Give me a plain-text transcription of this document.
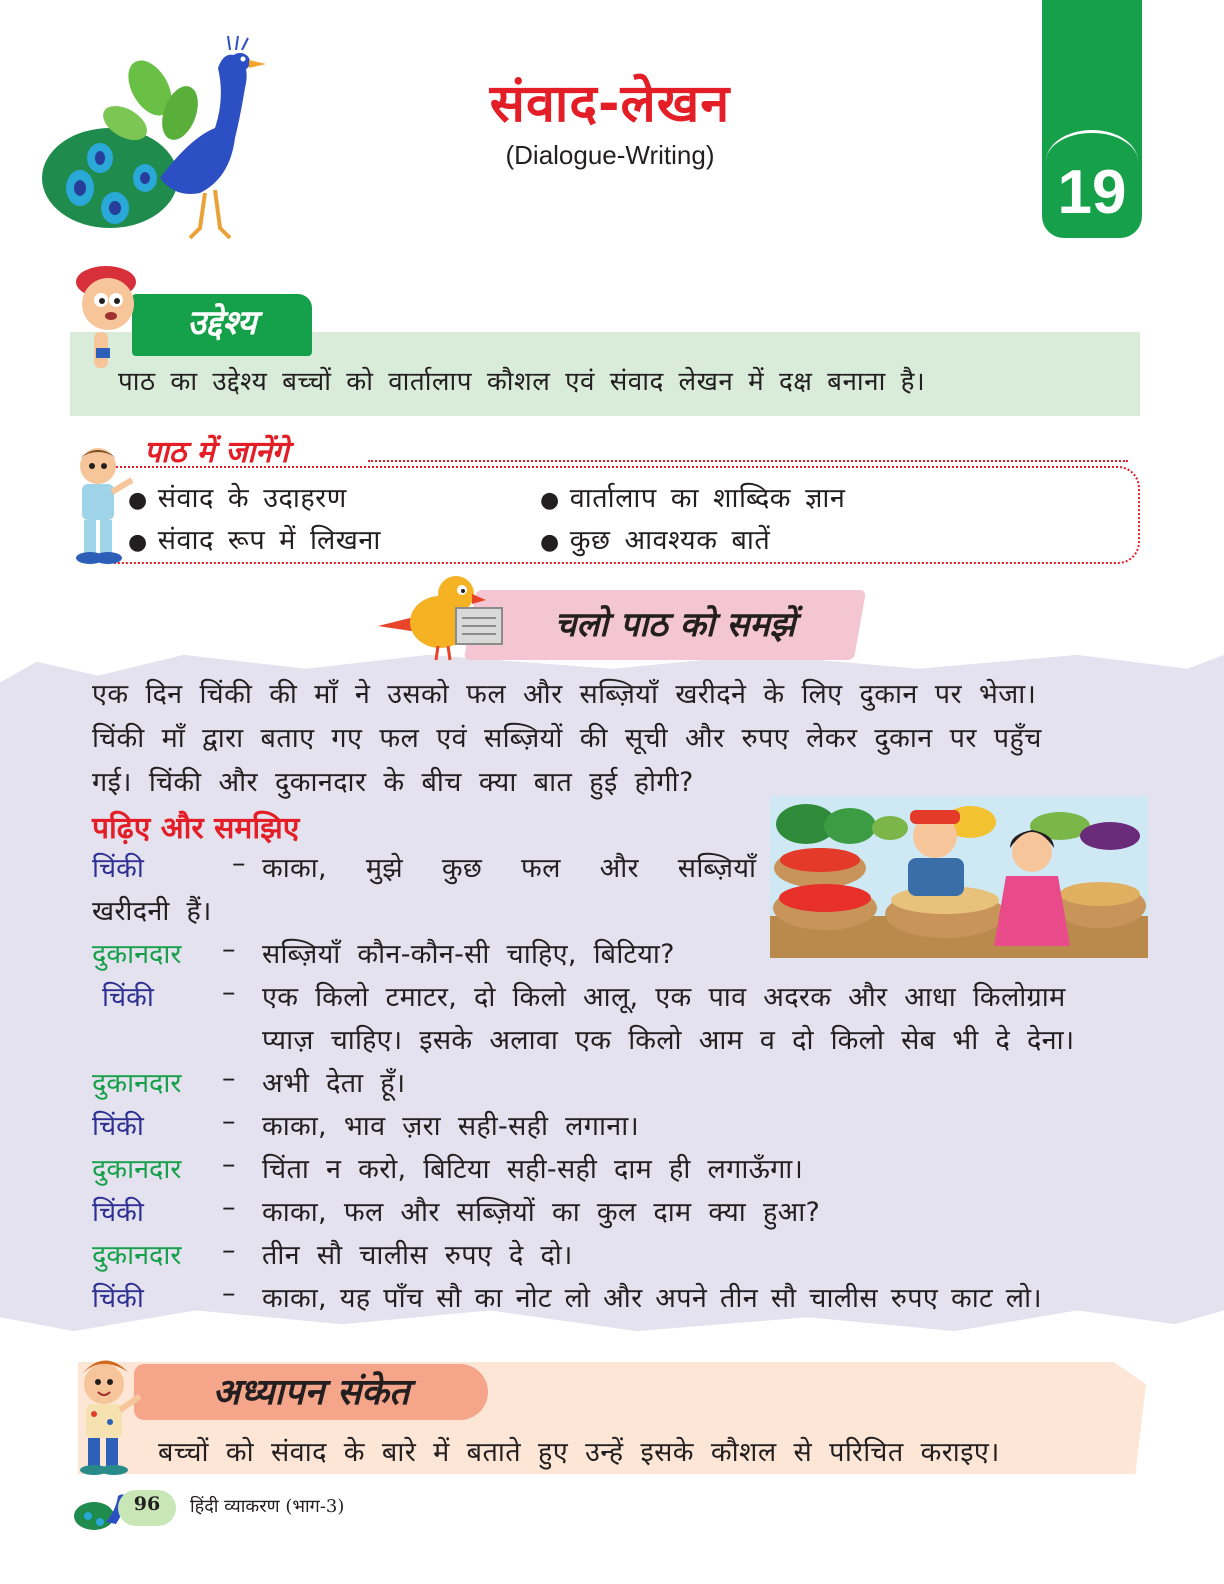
संवाद-लेखन
(Dialogue-Writing)
19
उद्देश्य
पाठ का उद्देश्य बच्चों को वार्तालाप कौशल एवं संवाद लेखन में दक्ष बनाना है।
पाठ में जानेंगे
● संवाद के उदाहरण	● वार्तालाप का शाब्दिक ज्ञान
● संवाद रूप में लिखना	● कुछ आवश्यक बातें
चलो पाठ को समझें
एक दिन चिंकी की माँ ने उसको फल और सब्ज़ियाँ खरीदने के लिए दुकान पर भेजा।
चिंकी माँ द्वारा बताए गए फल एवं सब्ज़ियों की सूची और रुपए लेकर दुकान पर पहुँच
गई। चिंकी और दुकानदार के बीच क्या बात हुई होगी?
पढ़िए और समझिए
चिंकी	– काका, मुझे कुछ फल और सब्ज़ियाँ
खरीदनी हैं।
दुकानदार – सब्ज़ियाँ कौन-कौन-सी चाहिए, बिटिया?
चिंकी	– एक किलो टमाटर, दो किलो आलू, एक पाव अदरक और आधा किलोग्राम
प्याज़ चाहिए। इसके अलावा एक किलो आम व दो किलो सेब भी दे देना।
दुकानदार – अभी देता हूँ।
चिंकी	– काका, भाव ज़रा सही-सही लगाना।
दुकानदार – चिंता न करो, बिटिया सही-सही दाम ही लगाऊँगा।
चिंकी	– काका, फल और सब्ज़ियों का कुल दाम क्या हुआ?
दुकानदार – तीन सौ चालीस रुपए दे दो।
चिंकी	– काका, यह पाँच सौ का नोट लो और अपने तीन सौ चालीस रुपए काट लो।
अध्यापन संकेत
बच्चों को संवाद के बारे में बताते हुए उन्हें इसके कौशल से परिचित कराइए।
96	हिंदी व्याकरण (भाग-3)
